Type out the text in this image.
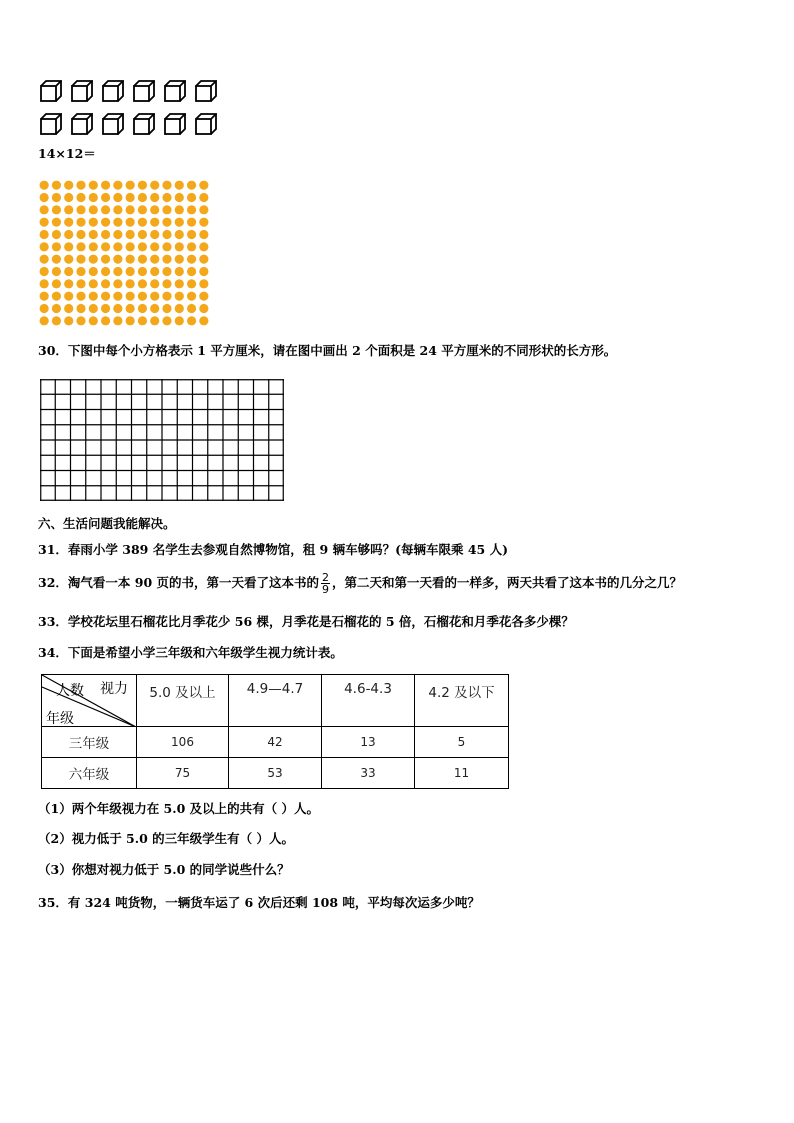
14×12＝
30．下图中每个小方格表示 1 平方厘米，请在图中画出 2 个面积是 24 平方厘米的不同形状的长方形。
六、生活问题我能解决。
31．春雨小学 389 名学生去参观自然博物馆，租 9 辆车够吗？(每辆车限乘 45 人)
32．淘气看一本 90 页的书，第一天看了这本书的 $\frac{2}{9}$ ，第二天和第一天看的一样多，两天共看了这本书的几分之几？
33．学校花坛里石榴花比月季花少 56 棵，月季花是石榴花的 5 倍，石榴花和月季花各多少棵？
34．下面是希望小学三年级和六年级学生视力统计表。
人数 视力
年级	5.0 及以上	4.9—4.7	4.6-4.3	4.2 及以下
三年级	106	42	13	5
六年级	75	53	33	11
（1）两个年级视力在 5.0 及以上的共有（ ）人。
（2）视力低于 5.0 的三年级学生有（ ）人。
（3）你想对视力低于 5.0 的同学说些什么？
35．有 324 吨货物，一辆货车运了 6 次后还剩 108 吨，平均每次运多少吨？
